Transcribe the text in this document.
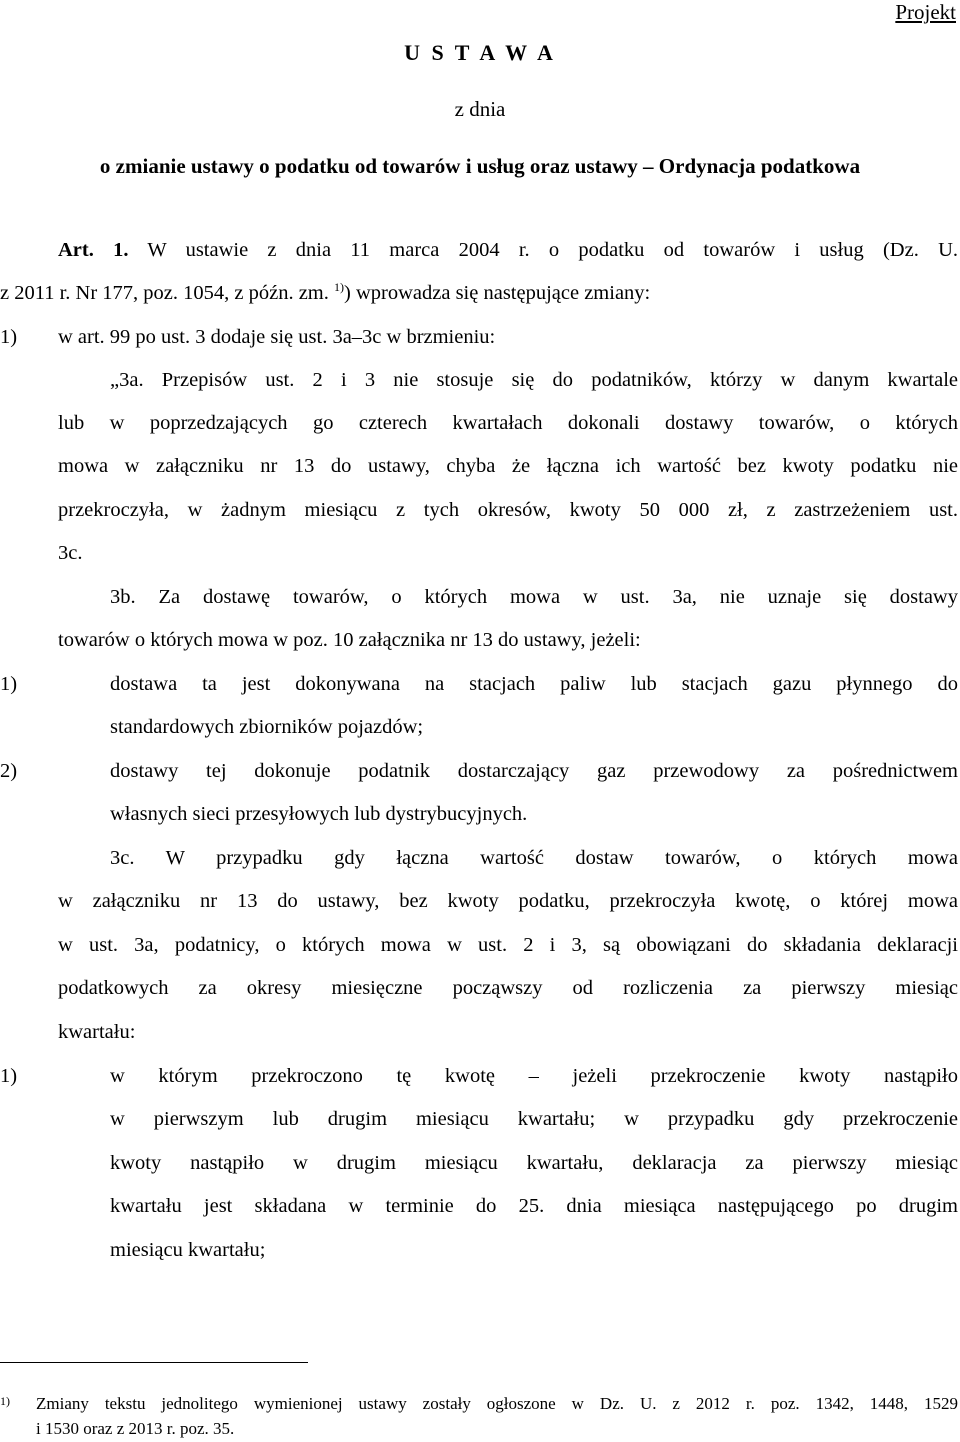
Projekt
U S T A W A
z dnia
o zmianie ustawy o podatku od towarów i usług oraz ustawy – Ordynacja podatkowa
Art. 1. W ustawie z dnia 11 marca 2004 r. o podatku od towarów i usług (Dz. U.
z 2011 r. Nr 177, poz. 1054, z późn. zm. $^{1)}$) wprowadza się następujące zmiany:
1) w art. 99 po ust. 3 dodaje się ust. 3a–3c w brzmieniu:
„3a. Przepisów ust. 2 i 3 nie stosuje się do podatników, którzy w danym kwartale
lub w poprzedzających go czterech kwartałach dokonali dostawy towarów, o których
mowa w załączniku nr 13 do ustawy, chyba że łączna ich wartość bez kwoty podatku nie
przekroczyła, w żadnym miesiącu z tych okresów, kwoty 50 000 zł, z zastrzeżeniem ust.
3c.
3b. Za dostawę towarów, o których mowa w ust. 3a, nie uznaje się dostawy
towarów o których mowa w poz. 10 załącznika nr 13 do ustawy, jeżeli:
1)	dostawa ta jest dokonywana na stacjach paliw lub stacjach gazu płynnego do
standardowych zbiorników pojazdów;
2)	dostawy tej dokonuje podatnik dostarczający gaz przewodowy za pośrednictwem
własnych sieci przesyłowych lub dystrybucyjnych.
3c. W przypadku gdy łączna wartość dostaw towarów, o których mowa
w załączniku nr 13 do ustawy, bez kwoty podatku, przekroczyła kwotę, o której mowa
w ust. 3a, podatnicy, o których mowa w ust. 2 i 3, są obowiązani do składania deklaracji
podatkowych za okresy miesięczne począwszy od rozliczenia za pierwszy miesiąc
kwartału:
1)	w którym przekroczono tę kwotę – jeżeli przekroczenie kwoty nastąpiło
w pierwszym lub drugim miesiącu kwartału; w przypadku gdy przekroczenie
kwoty nastąpiło w drugim miesiącu kwartału, deklaracja za pierwszy miesiąc
kwartału jest składana w terminie do 25. dnia miesiąca następującego po drugim
miesiącu kwartału;
1) Zmiany tekstu jednolitego wymienionej ustawy zostały ogłoszone w Dz. U. z 2012 r. poz. 1342, 1448, 1529
i 1530 oraz z 2013 r. poz. 35.
